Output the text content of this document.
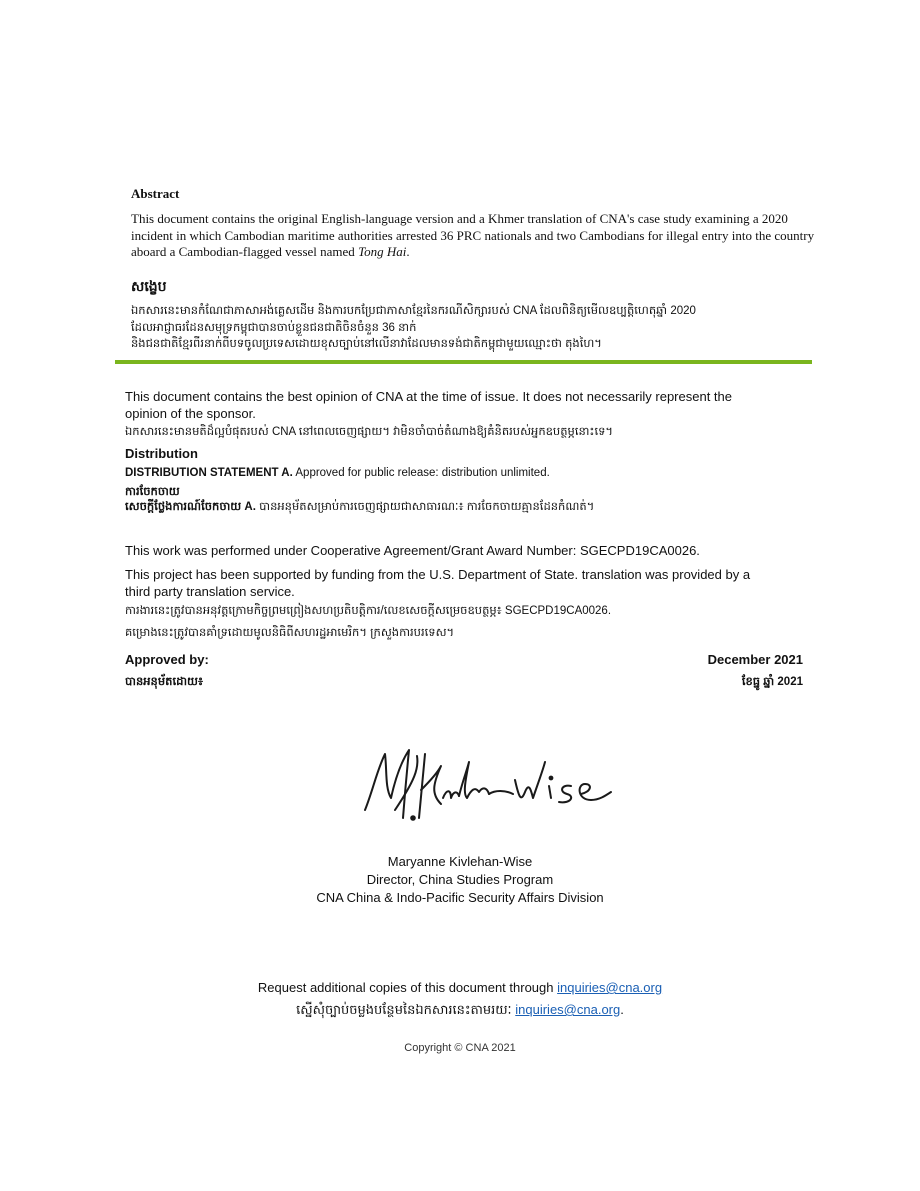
Abstract
This document contains the original English-language version and a Khmer translation of CNA's case study examining a 2020 incident in which Cambodian maritime authorities arrested 36 PRC nationals and two Cambodians for illegal entry into the country aboard a Cambodian-flagged vessel named Tong Hai.
សង្ខេប
ឯកសារនេះមានកំណែជាភាសាអង់គ្លេសដើម និងការបកប្រែជាភាសាខ្មែរនៃករណីសិក្សារបស់ CNA ដែលពិនិត្យមើលឧប្បត្តិហេតុឆ្នាំ 2020
ដែលអាជ្ញាធរដែនសមុទ្រកម្ពុជាបានចាប់ខ្លួនជនជាតិចិនចំនួន 36 នាក់
និងជនជាតិខ្មែរពីរនាក់ពីបទចូលប្រទេសដោយខុសច្បាប់នៅលើនាវាដែលមានទង់ជាតិកម្ពុជាមួយឈ្មោះថា តុងហៃ។
This document contains the best opinion of CNA at the time of issue. It does not necessarily represent the opinion of the sponsor.
ឯកសារនេះមានមតិដ៏ល្អបំផុតរបស់ CNA នៅពេលចេញផ្សាយ។ វាមិនចាំបាច់តំណាងឱ្យគំនិតរបស់អ្នកឧបត្ថម្ភនោះទេ។
Distribution
DISTRIBUTION STATEMENT A. Approved for public release: distribution unlimited.
ការចែកចាយ
សេចក្តីថ្លែងការណ៍ចែកចាយ A. បានអនុម័តសម្រាប់ការចេញផ្សាយជាសាធារណៈ៖ ការចែកចាយគ្មានដែនកំណត់។
This work was performed under Cooperative Agreement/Grant Award Number: SGECPD19CA0026.
This project has been supported by funding from the U.S. Department of State. translation was provided by a third party translation service.
ការងារនេះត្រូវបានអនុវត្តក្រោមកិច្ចព្រមព្រៀងសហប្រតិបត្តិការ/លេខសេចក្តីសម្រេចឧបត្ថម្ភ៖ SGECPD19CA0026.
គម្រោងនេះត្រូវបានគាំទ្រដោយមូលនិធិពីសហរដ្ឋអាមេរិក។ ក្រសួងការបរទេស។
Approved by:
បានអនុម័តដោយ៖
December 2021
ខែធ្នូ ឆ្នាំ 2021
Maryanne Kivlehan-Wise
Director, China Studies Program
CNA China & Indo-Pacific Security Affairs Division
Request additional copies of this document through inquiries@cna.org
ស្នើសុំច្បាប់ចម្លងបន្ថែមនៃឯកសារនេះតាមរយៈ inquiries@cna.org.
Copyright © CNA 2021
